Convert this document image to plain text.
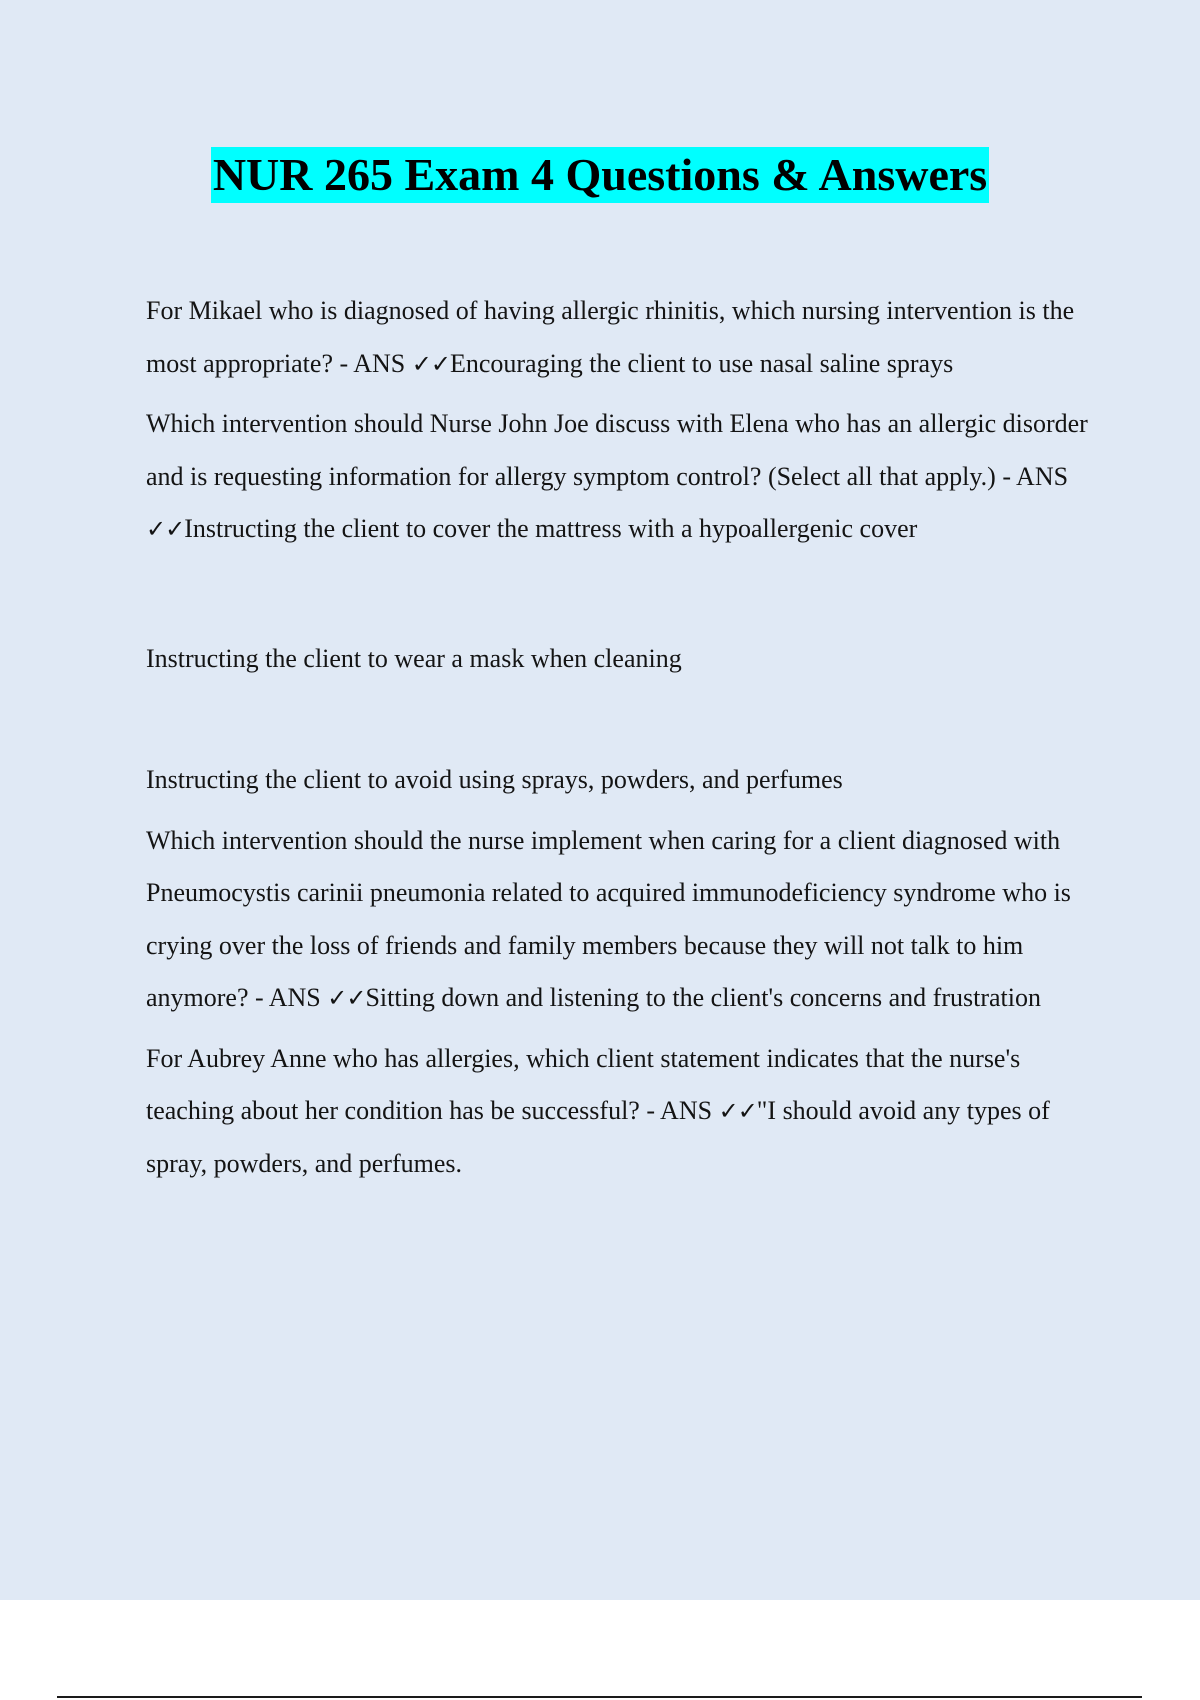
NUR 265 Exam 4 Questions & Answers

For Mikael who is diagnosed of having allergic rhinitis, which nursing intervention is the most appropriate? - ANS ✓✓Encouraging the client to use nasal saline sprays

Which intervention should Nurse John Joe discuss with Elena who has an allergic disorder and is requesting information for allergy symptom control? (Select all that apply.) - ANS ✓✓Instructing the client to cover the mattress with a hypoallergenic cover

Instructing the client to wear a mask when cleaning

Instructing the client to avoid using sprays, powders, and perfumes

Which intervention should the nurse implement when caring for a client diagnosed with Pneumocystis carinii pneumonia related to acquired immunodeficiency syndrome who is crying over the loss of friends and family members because they will not talk to him anymore? - ANS ✓✓Sitting down and listening to the client's concerns and frustration

For Aubrey Anne who has allergies, which client statement indicates that the nurse's teaching about her condition has be successful? - ANS ✓✓"I should avoid any types of spray, powders, and perfumes.
